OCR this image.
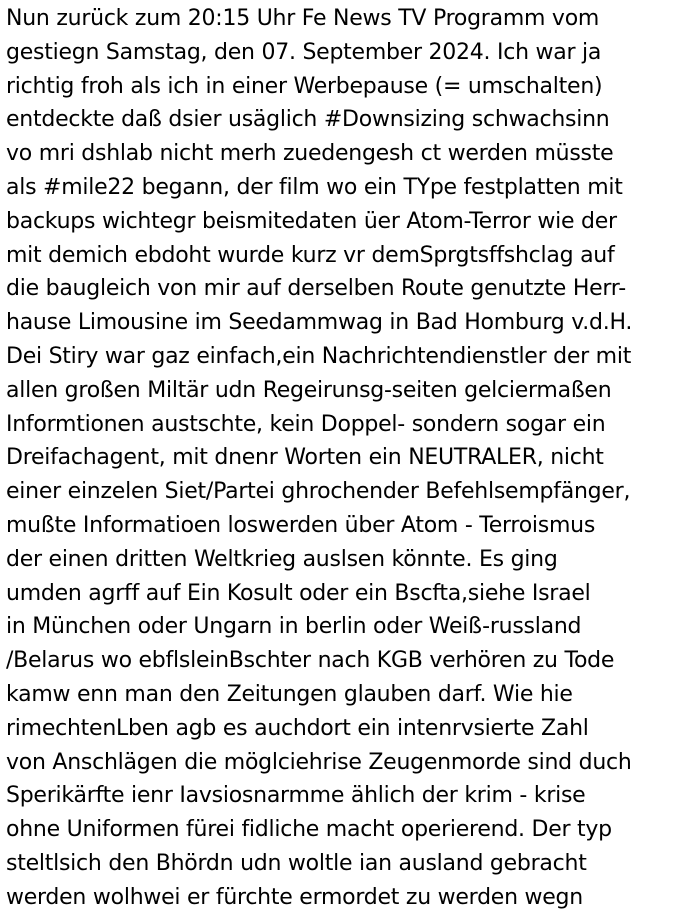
Nun zurück zum 20:15 Uhr Fe News TV Programm vom
gestiegn Samstag, den 07. September 2024. Ich war ja
richtig froh als ich in einer Werbepause (= umschalten)
entdeckte daß dsier usäglich #Downsizing schwachsinn
vo mri dshlab nicht merh zuedengesh ct werden müsste
als #mile22 begann, der film wo ein TYpe festplatten mit
backups wichtegr beismitedaten üer Atom-Terror wie der
mit demich ebdoht wurde kurz vr demSprgtsffshclag auf
die baugleich von mir auf derselben Route genutzte Herr-
hause Limousine im Seedammwag in Bad Homburg v.d.H.
Dei Stiry war gaz einfach,ein Nachrichtendienstler der mit
allen großen Miltär udn Regeirunsg-seiten gelciermaßen
Informtionen austschte, kein Doppel- sondern sogar ein
Dreifachagent, mit dnenr Worten ein NEUTRALER, nicht
einer einzelen Siet/Partei ghrochender Befehlsempfänger,
mußte Informatioen loswerden über Atom - Terroismus
der einen dritten Weltkrieg auslsen könnte. Es ging
umden agrff auf Ein Kosult oder ein Bscfta,siehe Israel
in München oder Ungarn in berlin oder Weiß-russland
/Belarus wo ebflsleinBschter nach KGB verhören zu Tode
kamw enn man den Zeitungen glauben darf. Wie hie
rimechtenLben agb es auchdort ein intenrvsierte Zahl
von Anschlägen die möglciehrise Zeugenmorde sind duch
Sperikärfte ienr Iavsiosnarmme ählich der krim - krise
ohne Uniformen fürei fidliche macht operierend. Der typ
steltlsich den Bhördn udn woltle ian ausland gebracht
werden wolhwei er fürchte ermordet zu werden wegn
